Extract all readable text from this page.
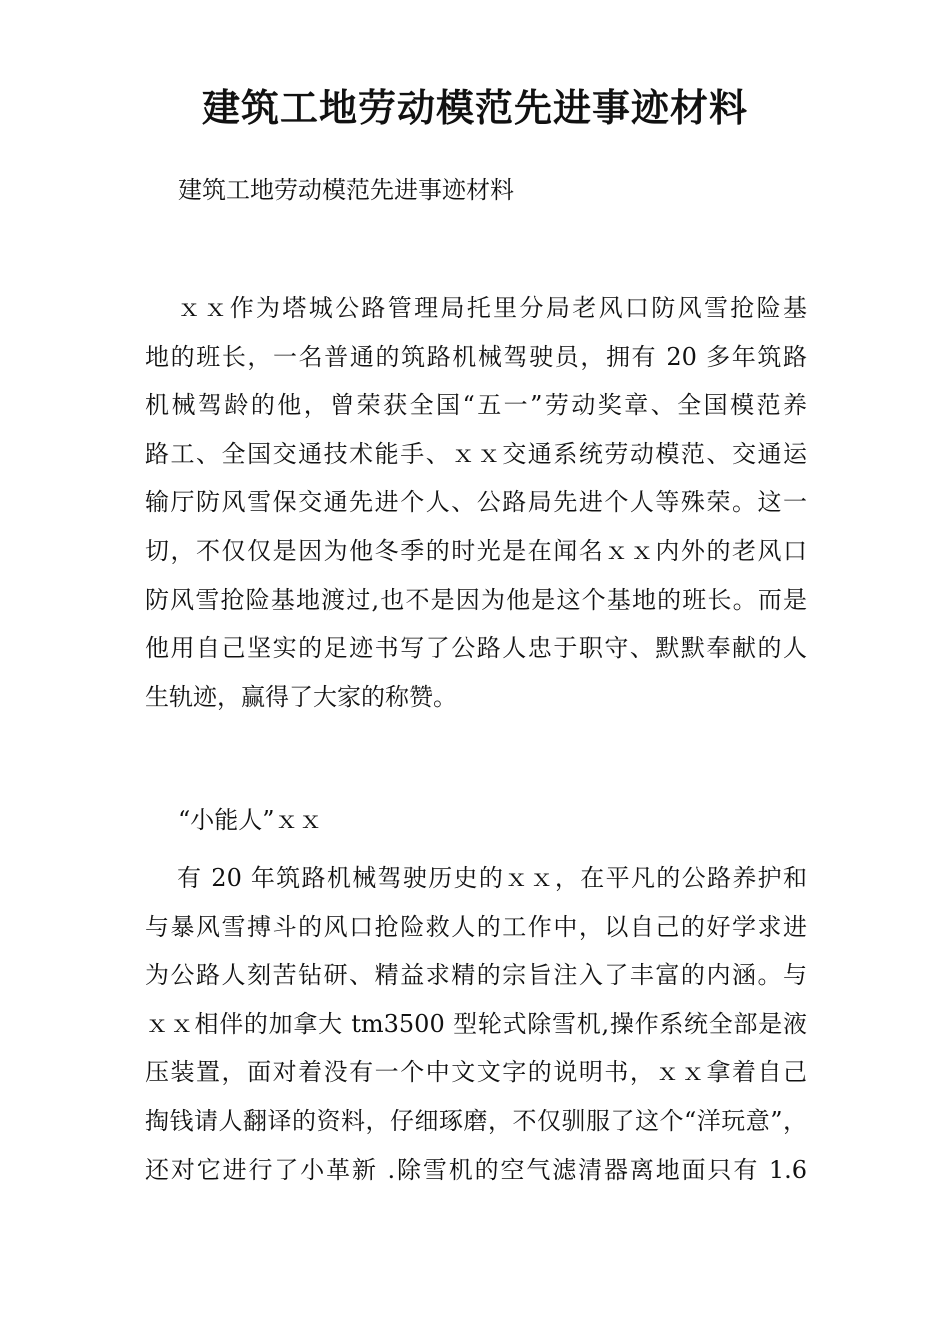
建筑工地劳动模范先进事迹材料
建筑工地劳动模范先进事迹材料
ｘｘ作为塔城公路管理局托里分局老风口防风雪抢险基
地的班长，一名普通的筑路机械驾驶员，拥有 20 多年筑路
机械驾龄的他，曾荣获全国“五一”劳动奖章、全国模范养
路工、全国交通技术能手、ｘｘ交通系统劳动模范、交通运
输厅防风雪保交通先进个人、公路局先进个人等殊荣。这一
切，不仅仅是因为他冬季的时光是在闻名ｘｘ内外的老风口
防风雪抢险基地渡过,也不是因为他是这个基地的班长。而是
他用自己坚实的足迹书写了公路人忠于职守、默默奉献的人
生轨迹，赢得了大家的称赞。
“小能人”ｘｘ
有 20 年筑路机械驾驶历史的ｘｘ，在平凡的公路养护和
与暴风雪搏斗的风口抢险救人的工作中，以自己的好学求进
为公路人刻苦钻研、精益求精的宗旨注入了丰富的内涵。与
ｘｘ相伴的加拿大 tm3500 型轮式除雪机,操作系统全部是液
压装置，面对着没有一个中文文字的说明书，ｘｘ拿着自己
掏钱请人翻译的资料，仔细琢磨，不仅驯服了这个“洋玩意”，
还对它进行了小革新 .除雪机的空气滤清器离地面只有 1.6
